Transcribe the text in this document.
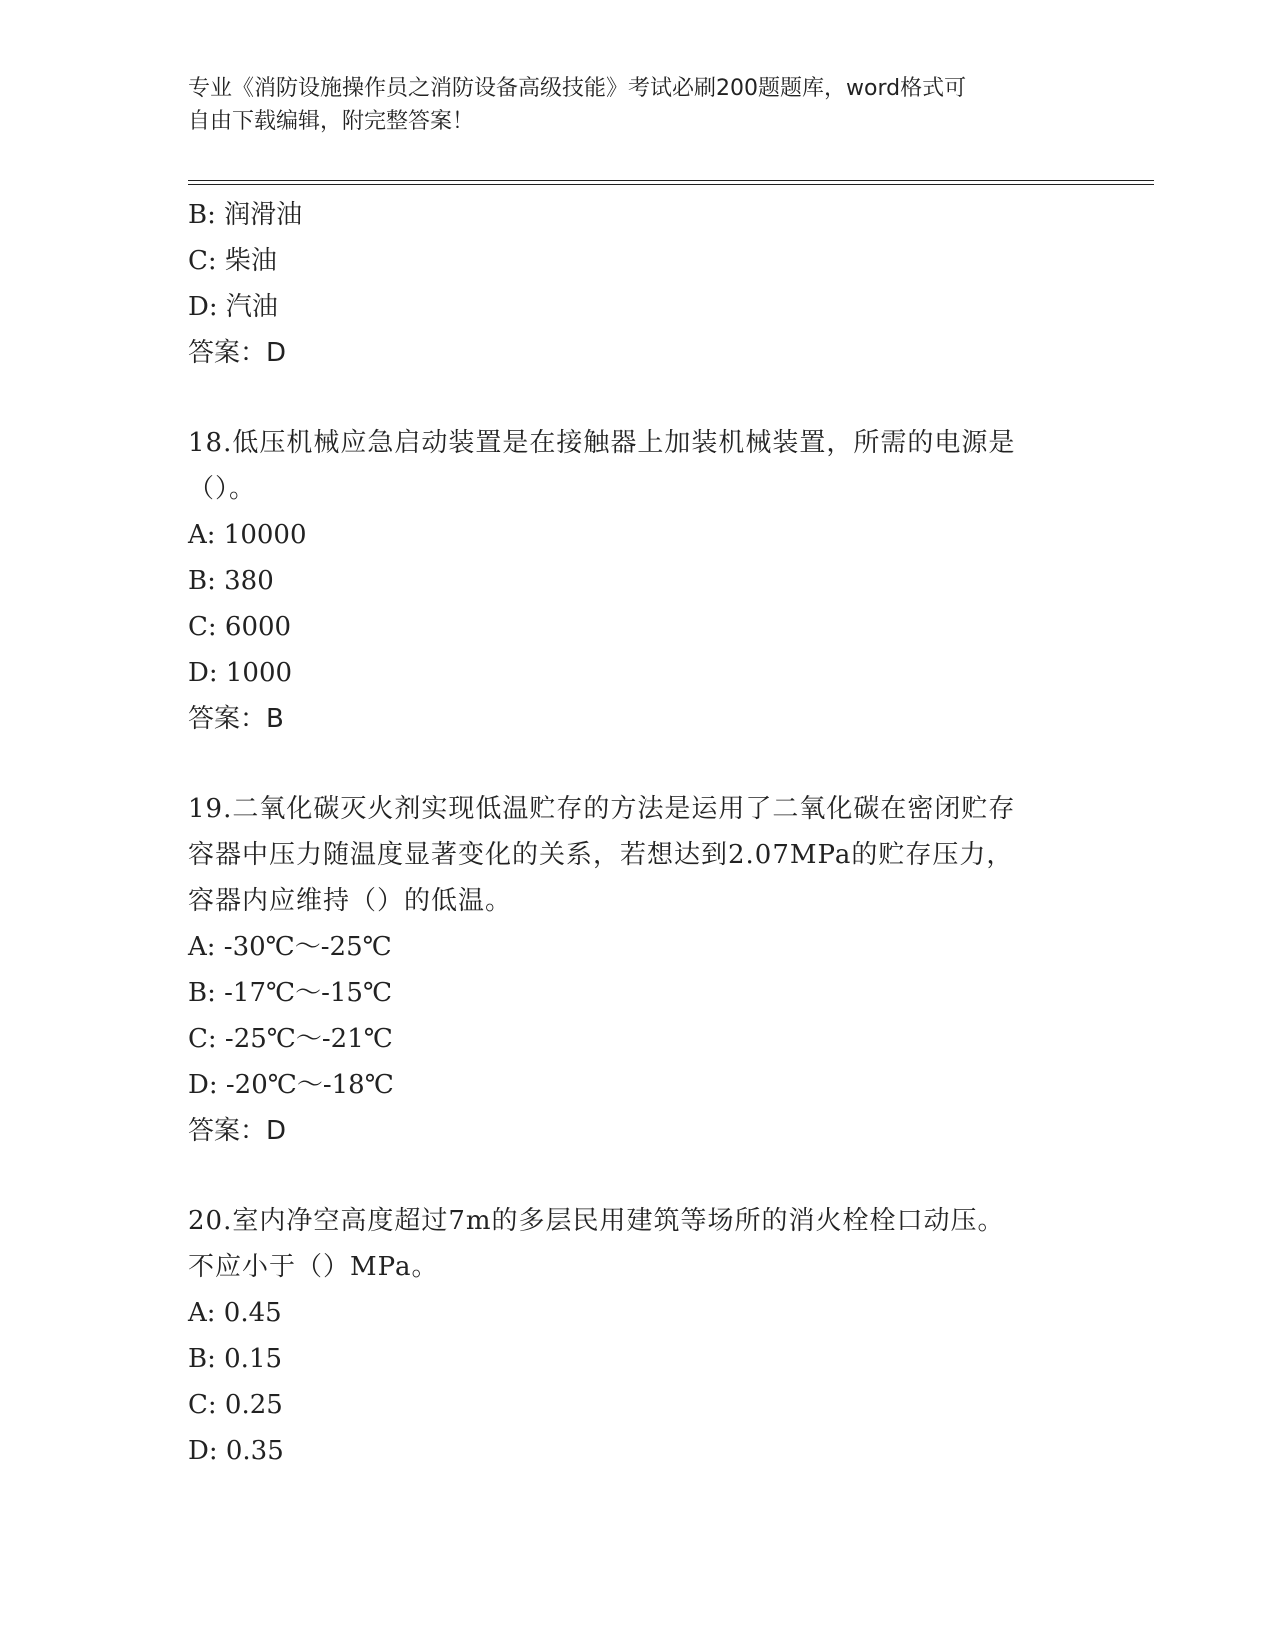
专业《消防设施操作员之消防设备高级技能》考试必刷200题题库，word格式可
自由下载编辑，附完整答案！
B: 润滑油
C: 柴油
D: 汽油
答案：D
18.低压机械应急启动装置是在接触器上加装机械装置，所需的电源是
（）。
A: 10000
B: 380
C: 6000
D: 1000
答案：B
19.二氧化碳灭火剂实现低温贮存的方法是运用了二氧化碳在密闭贮存
容器中压力随温度显著变化的关系，若想达到2.07MPa的贮存压力，
容器内应维持（）的低温。
A: -30℃～-25℃
B: -17℃～-15℃
C: -25℃～-21℃
D: -20℃～-18℃
答案：D
20.室内净空高度超过7m的多层民用建筑等场所的消火栓栓口动压。
不应小于（）MPa。
A: 0.45
B: 0.15
C: 0.25
D: 0.35
